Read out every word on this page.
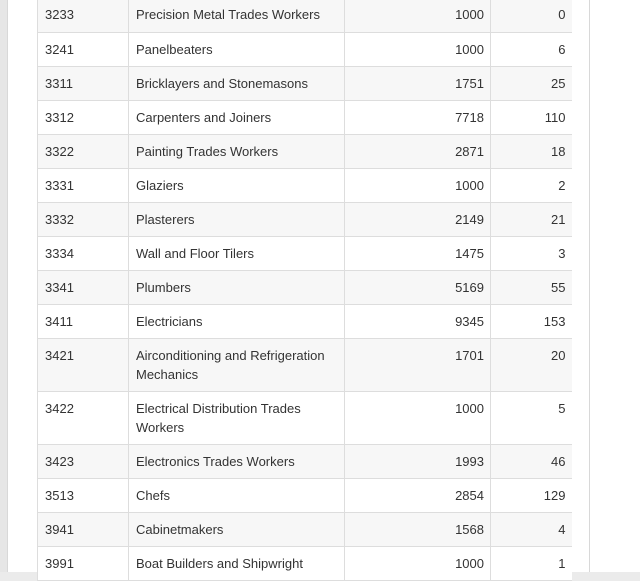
3233	Precision Metal Trades Workers	1000	0
3241	Panelbeaters	1000	6
3311	Bricklayers and Stonemasons	1751	25
3312	Carpenters and Joiners	7718	110
3322	Painting Trades Workers	2871	18
3331	Glaziers	1000	2
3332	Plasterers	2149	21
3334	Wall and Floor Tilers	1475	3
3341	Plumbers	5169	55
3411	Electricians	9345	153
3421	Airconditioning and Refrigeration Mechanics	1701	20
3422	Electrical Distribution Trades Workers	1000	5
3423	Electronics Trades Workers	1993	46
3513	Chefs	2854	129
3941	Cabinetmakers	1568	4
3991	Boat Builders and Shipwright	1000	1
